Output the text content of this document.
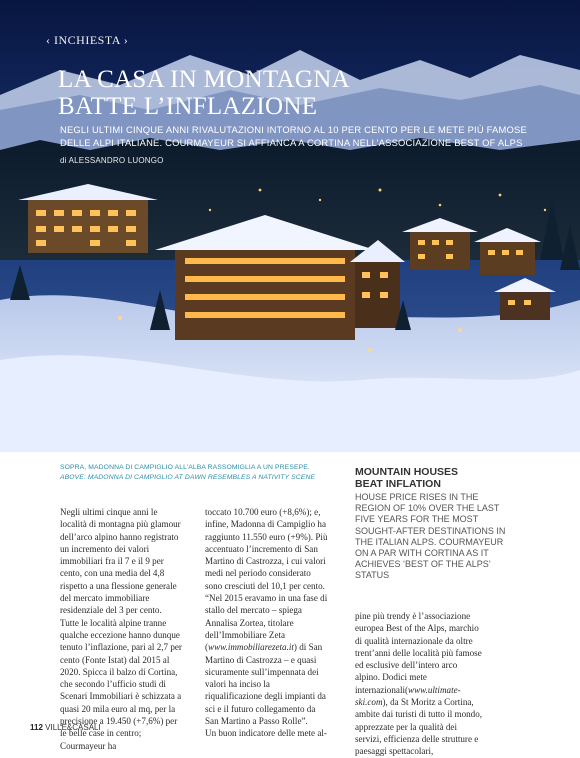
‹ INCHIESTA ›
LA CASA IN MONTAGNA
BATTE L’INFLAZIONE

NEGLI ULTIMI CINQUE ANNI RIVALUTAZIONI INTORNO AL 10 PER CENTO PER LE METE PIÙ FAMOSE DELLE ALPI ITALIANE. COURMAYEUR SI AFFIANCA A CORTINA NELL’ASSOCIAZIONE BEST OF ALPS

di ALESSANDRO LUONGO

SOPRA, MADONNA DI CAMPIGLIO ALL’ALBA RASSOMIGLIA A UN PRESEPE.
ABOVE: MADONNA DI CAMPIGLIO AT DAWN RESEMBLES A NATIVITY SCENE

Negli ultimi cinque anni le località di montagna più glamour dell’arco alpino hanno registrato un incremento dei valori immobiliari fra il 7 e il 9 per cento, con una media del 4,8 rispetto a una flessione generale del mercato immobiliare residenziale del 3 per cento. Tutte le località alpine tranne qualche eccezione hanno dunque tenuto l’inflazione, pari al 2,7 per cento (Fonte Istat) dal 2015 al 2020. Spicca il balzo di Cortina, che secondo l’ufficio studi di Scenari Immobiliari è schizzata a quasi 20 mila euro al mq, per la precisione a 19.450 (+7,6%) per le belle case in centro; Courmayeur ha

toccato 10.700 euro (+8,6%); e, infine, Madonna di Campiglio ha raggiunto 11.550 euro (+9%). Più accentuato l’incremento di San Martino di Castrozza, i cui valori medi nel periodo considerato sono cresciuti del 10,1 per cento. “Nel 2015 eravamo in una fase di stallo del mercato – spiega Annalisa Zortea, titolare dell’Immobiliare Zeta (www.immobiliarezeta.it) di San Martino di Castrozza – e quasi sicuramente sull’impennata dei valori ha inciso la riqualificazione degli impianti da sci e il futuro collegamento da San Martino a Passo Rolle”.
Un buon indicatore delle mete al-
MOUNTAIN HOUSES
BEAT INFLATION

HOUSE PRICE RISES IN THE REGION OF 10% OVER THE LAST FIVE YEARS FOR THE MOST SOUGHT-AFTER DESTINATIONS IN THE ITALIAN ALPS. COURMAYEUR ON A PAR WITH CORTINA AS IT ACHIEVES ‘BEST OF THE ALPS’ STATUS

pine più trendy è l’associazione europea Best of the Alps, marchio di qualità internazionale da oltre trent’anni delle località più famose ed esclusive dell’intero arco alpino. Dodici mete internazionali(www.ultimate-ski.com), da St Moritz a Cortina, ambite dai turisti di tutto il mondo, apprezzate per la qualità dei servizi, efficienza delle strutture e paesaggi spettacolari,
112 VILLE&CASALI
